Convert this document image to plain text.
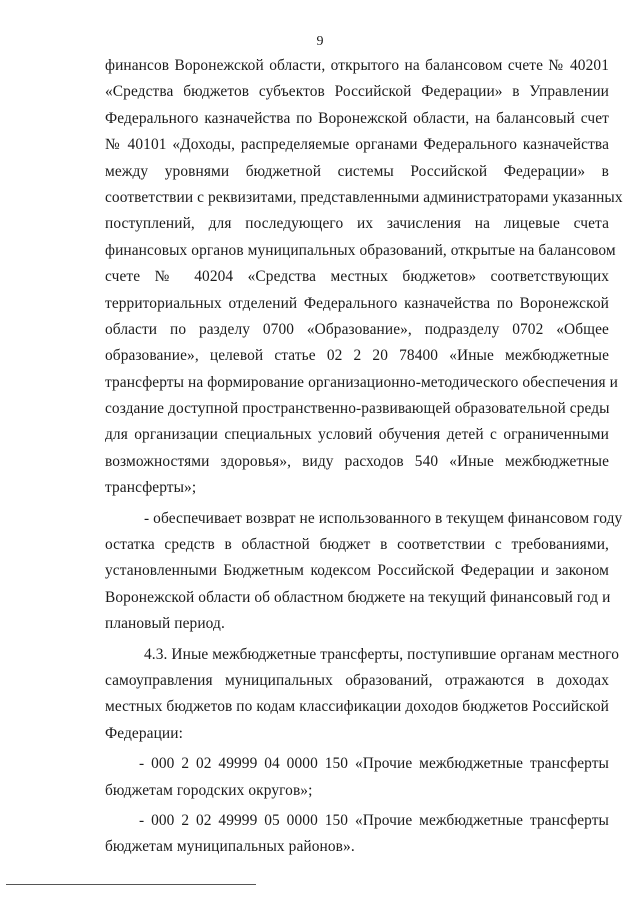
9
финансов Воронежской области, открытого на балансовом счете № 40201
«Средства бюджетов субъектов Российской Федерации» в Управлении
Федерального казначейства по Воронежской области, на балансовый счет
№ 40101 «Доходы, распределяемые органами Федерального казначейства
между уровнями бюджетной системы Российской Федерации» в
соответствии с реквизитами, представленными администраторами указанных
поступлений, для последующего их зачисления на лицевые счета
финансовых органов муниципальных образований, открытые на балансовом
счете № 40204 «Средства местных бюджетов» соответствующих
территориальных отделений Федерального казначейства по Воронежской
области по разделу 0700 «Образование», подразделу 0702 «Общее
образование», целевой статье 02 2 20 78400 «Иные межбюджетные
трансферты на формирование организационно-методического обеспечения и
создание доступной пространственно-развивающей образовательной среды
для организации специальных условий обучения детей с ограниченными
возможностями здоровья», виду расходов 540 «Иные межбюджетные
трансферты»;
- обеспечивает возврат не использованного в текущем финансовом году
остатка средств в областной бюджет в соответствии с требованиями,
установленными Бюджетным кодексом Российской Федерации и законом
Воронежской области об областном бюджете на текущий финансовый год и
плановый период.
4.3. Иные межбюджетные трансферты, поступившие органам местного
самоуправления муниципальных образований, отражаются в доходах
местных бюджетов по кодам классификации доходов бюджетов Российской
Федерации:
- 000 2 02 49999 04 0000 150 «Прочие межбюджетные трансферты
бюджетам городских округов»;
- 000 2 02 49999 05 0000 150 «Прочие межбюджетные трансферты
бюджетам муниципальных районов».
